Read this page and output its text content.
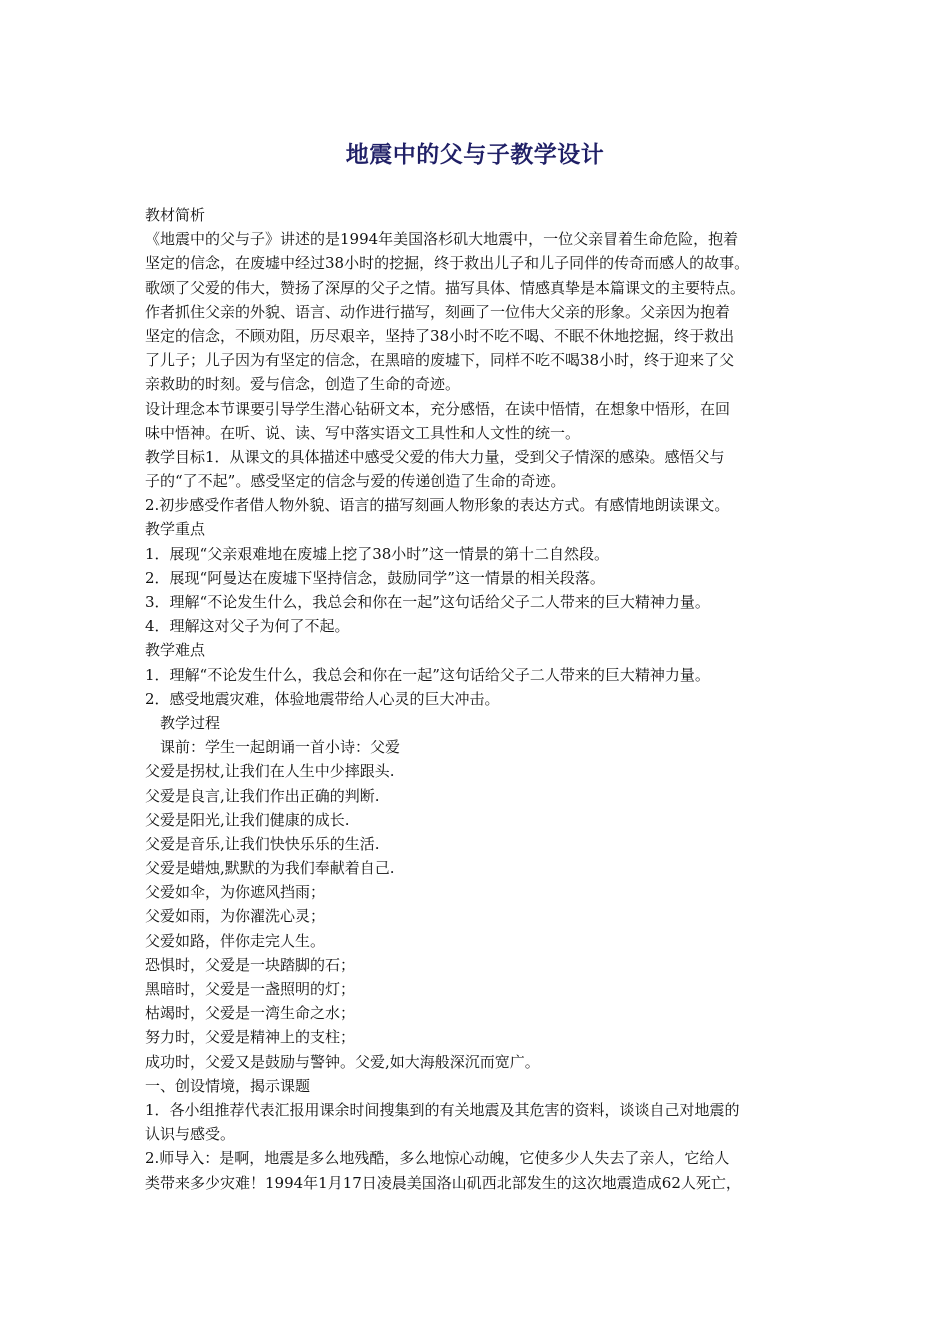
地震中的父与子教学设计
教材简析
《地震中的父与子》讲述的是1994年美国洛杉矶大地震中，一位父亲冒着生命危险，抱着
坚定的信念，在废墟中经过38小时的挖掘，终于救出儿子和儿子同伴的传奇而感人的故事。
歌颂了父爱的伟大，赞扬了深厚的父子之情。描写具体、情感真挚是本篇课文的主要特点。
作者抓住父亲的外貌、语言、动作进行描写，刻画了一位伟大父亲的形象。父亲因为抱着
坚定的信念，不顾劝阻，历尽艰辛，坚持了38小时不吃不喝、不眠不休地挖掘，终于救出
了儿子；儿子因为有坚定的信念，在黑暗的废墟下，同样不吃不喝38小时，终于迎来了父
亲救助的时刻。爱与信念，创造了生命的奇迹。
设计理念本节课要引导学生潜心钻研文本，充分感悟，在读中悟情，在想象中悟形，在回
味中悟神。在听、说、读、写中落实语文工具性和人文性的统一。
教学目标1．从课文的具体描述中感受父爱的伟大力量，受到父子情深的感染。感悟父与
子的“了不起”。感受坚定的信念与爱的传递创造了生命的奇迹。
2.初步感受作者借人物外貌、语言的描写刻画人物形象的表达方式。有感情地朗读课文。
教学重点
1．展现“父亲艰难地在废墟上挖了38小时”这一情景的第十二自然段。
2．展现“阿曼达在废墟下坚持信念，鼓励同学”这一情景的相关段落。
3．理解“不论发生什么，我总会和你在一起”这句话给父子二人带来的巨大精神力量。
4．理解这对父子为何了不起。
教学难点
1．理解“不论发生什么，我总会和你在一起”这句话给父子二人带来的巨大精神力量。
2．感受地震灾难，体验地震带给人心灵的巨大冲击。
教学过程
课前：学生一起朗诵一首小诗：父爱
父爱是拐杖,让我们在人生中少摔跟头.
父爱是良言,让我们作出正确的判断.
父爱是阳光,让我们健康的成长.
父爱是音乐,让我们快快乐乐的生活.
父爱是蜡烛,默默的为我们奉献着自己.
父爱如伞，为你遮风挡雨；
父爱如雨，为你濯洗心灵；
父爱如路，伴你走完人生。
恐惧时，父爱是一块踏脚的石；
黑暗时，父爱是一盏照明的灯；
枯竭时，父爱是一湾生命之水；
努力时，父爱是精神上的支柱；
成功时，父爱又是鼓励与警钟。父爱,如大海般深沉而宽广。
一、创设情境，揭示课题
1．各小组推荐代表汇报用课余时间搜集到的有关地震及其危害的资料，谈谈自己对地震的
认识与感受。
2.师导入：是啊，地震是多么地残酷，多么地惊心动魄，它使多少人失去了亲人，它给人
类带来多少灾难！1994年1月17日凌晨美国洛山矶西北部发生的这次地震造成62人死亡，
